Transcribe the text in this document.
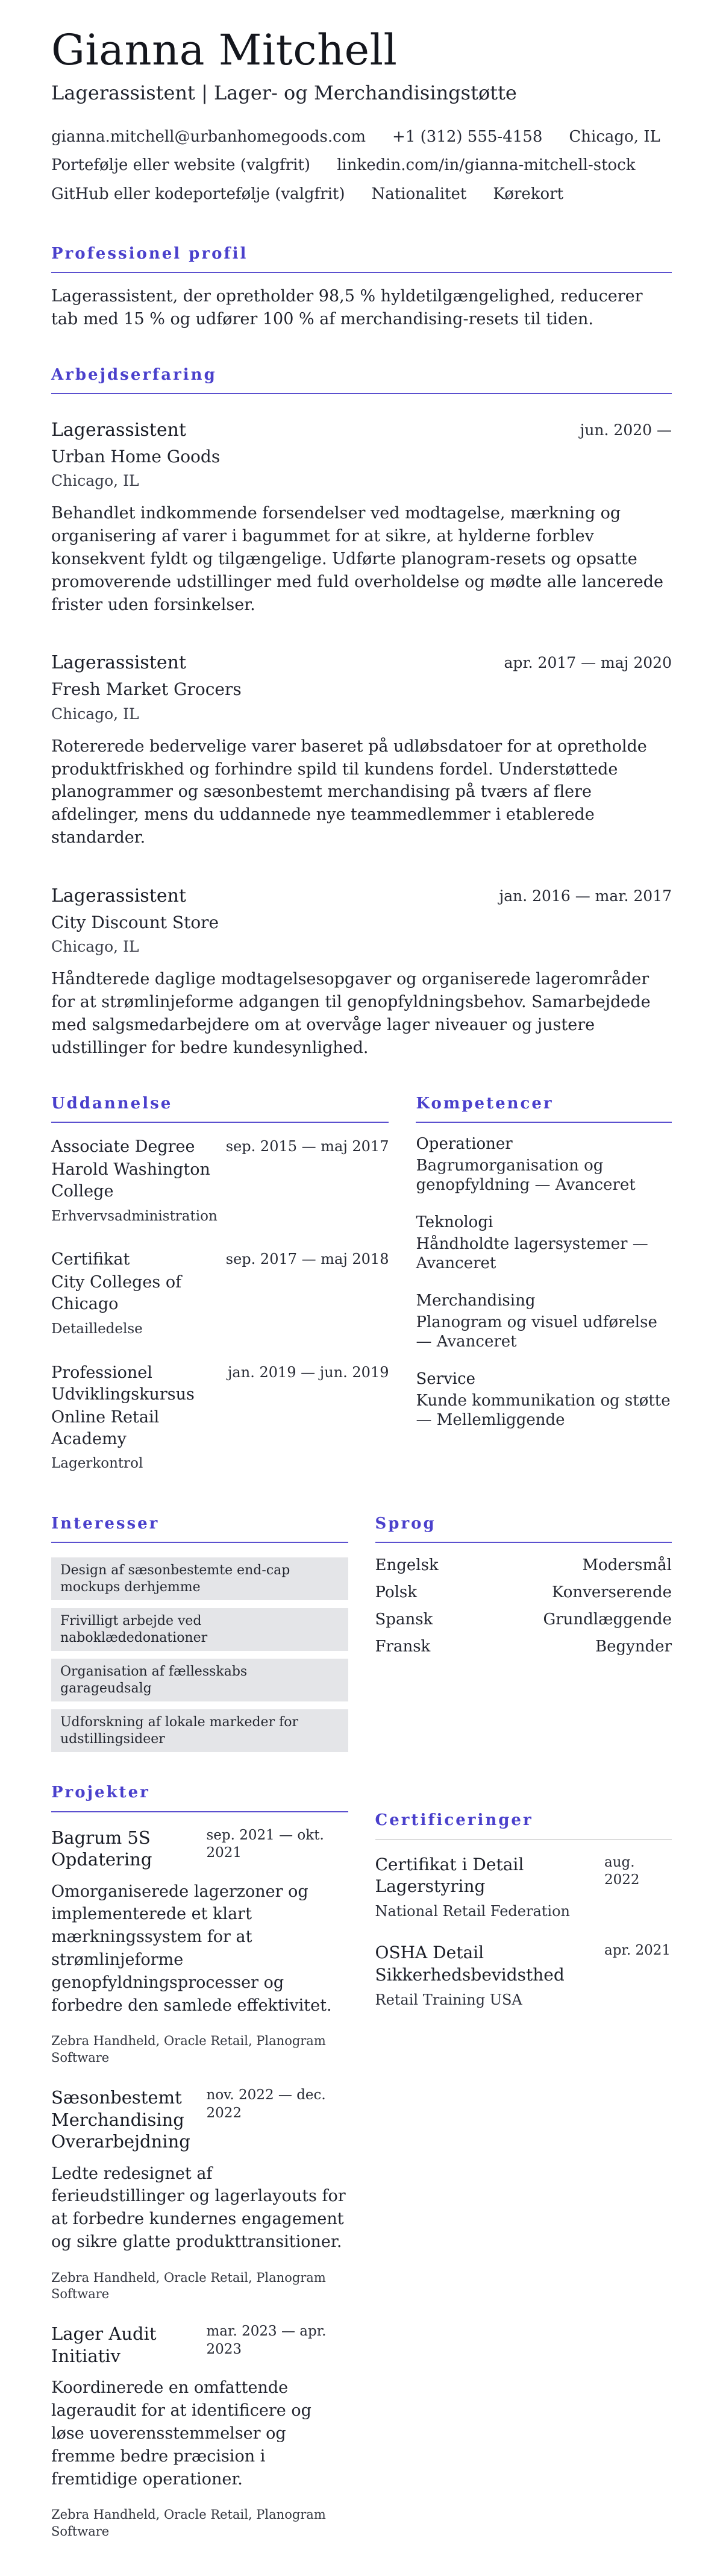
Gianna Mitchell
Lagerassistent | Lager- og Merchandisingstøtte
gianna.mitchell@urbanhomegoods.com +1 (312) 555-4158 Chicago, IL
Portefølje eller website (valgfrit) linkedin.com/in/gianna-mitchell-stock
GitHub eller kodeportefølje (valgfrit) Nationalitet Kørekort
Professionel profil

Lagerassistent, der opretholder 98,5 % hyldetilgængelighed, reducerer tab med 15 % og udfører 100 % af merchandising-resets til tiden.

Arbejdserfaring
Lagerassistent
Urban Home Goods
Chicago, IL
jun. 2020 —

Behandlet indkommende forsendelser ved modtagelse, mærkning og organisering af varer i bagummet for at sikre, at hylderne forblev konsekvent fyldt og tilgængelige. Udførte planogram-resets og opsatte promoverende udstillinger med fuld overholdelse og mødte alle lancerede frister uden forsinkelser.

Lagerassistent
Fresh Market Grocers
Chicago, IL
apr. 2017 — maj 2020

Rotererede bedervelige varer baseret på udløbsdatoer for at opretholde produktfriskhed og forhindre spild til kundens fordel. Understøttede planogrammer og sæsonbestemt merchandising på tværs af flere afdelinger, mens du uddannede nye teammedlemmer i etablerede standarder.

Lagerassistent
City Discount Store
Chicago, IL
jan. 2016 — mar. 2017

Håndterede daglige modtagelsesopgaver og organiserede lagerområder for at strømlinjeforme adgangen til genopfyldningsbehov. Samarbejdede med salgsmedarbejdere om at overvåge lager niveauer og justere udstillinger for bedre kundesynlighed.

Uddannelse
Associate Degree
Harold Washington College
Erhvervsadministration
sep. 2015 — maj 2017
Certifikat
City Colleges of Chicago
Detailledelse
sep. 2017 — maj 2018
Professionel Udviklingskursus
Online Retail Academy
Lagerkontrol
jan. 2019 — jun. 2019
Kompetencer
Operationer
Bagrumorganisation og genopfyldning — Avanceret
Teknologi
Håndholdte lagersystemer — Avanceret
Merchandising
Planogram og visuel udførelse — Avanceret
Service
Kunde kommunikation og støtte — Mellemliggende
Interesser
Design af sæsonbestemte end-cap mockups derhjemme
Frivilligt arbejde ved naboklædedonationer
Organisation af fællesskabs garageudsalg
Udforskning af lokale markeder for udstillingsideer
Sprog
Engelsk	Modersmål
Polsk	Konverserende
Spansk	Grundlæggende
Fransk	Begynder
Projekter
Bagrum 5S Opdatering
sep. 2021 — okt. 2021

Omorganiserede lagerzoner og implementerede et klart mærkningssystem for at strømlinjeforme genopfyldningsprocesser og forbedre den samlede effektivitet.

Zebra Handheld, Oracle Retail, Planogram Software
Sæsonbestemt Merchandising Overarbejdning
nov. 2022 — dec. 2022

Ledte redesignet af ferieudstillinger og lagerlayouts for at forbedre kundernes engagement og sikre glatte produkttransitioner.

Zebra Handheld, Oracle Retail, Planogram Software
Lager Audit Initiativ
mar. 2023 — apr. 2023

Koordinerede en omfattende lageraudit for at identificere og løse uoverensstemmelser og fremme bedre præcision i fremtidige operationer.

Zebra Handheld, Oracle Retail, Planogram Software
Certificeringer
Certifikat i Detail Lagerstyring
National Retail Federation
aug. 2022
OSHA Detail Sikkerhedsbevidsthed
Retail Training USA
apr. 2021
